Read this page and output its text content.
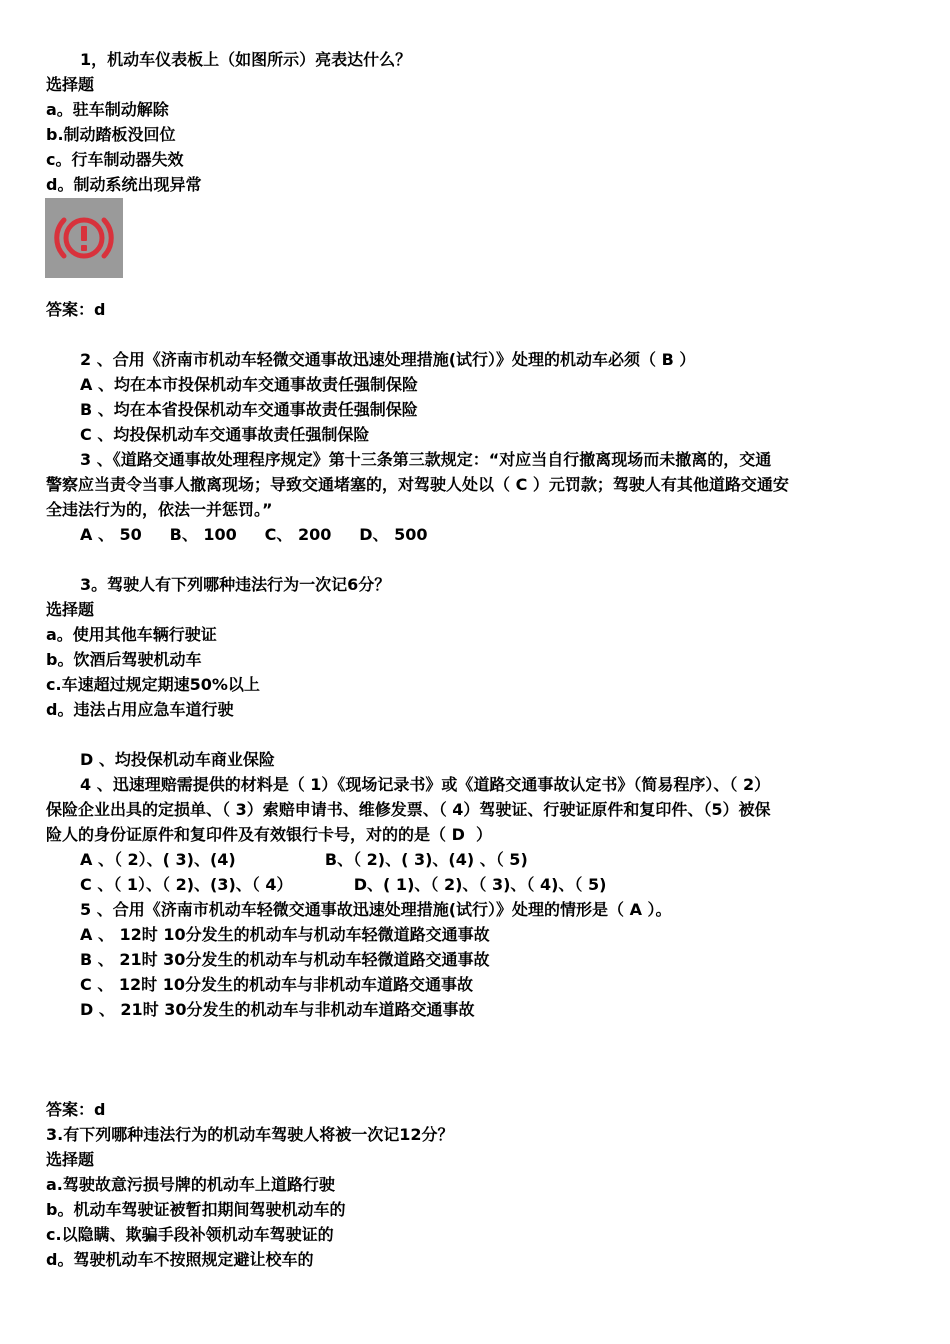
1，机动车仪表板上（如图所示）亮表达什么？
选择题
a。驻车制动解除
b.制动踏板没回位
c。行车制动器失效
d。制动系统出现异常
答案：d
2 、合用《济南市机动车轻微交通事故迅速处理措施(试行）》处理的机动车必须（ B ）
A 、均在本市投保机动车交通事故责任强制保险
B 、均在本省投保机动车交通事故责任强制保险
C 、均投保机动车交通事故责任强制保险
3 、《道路交通事故处理程序规定》第十三条第三款规定：“对应当自行撤离现场而未撤离的，交通
警察应当责令当事人撤离现场；导致交通堵塞的，对驾驶人处以（ C ）元罚款；驾驶人有其他道路交通安
全违法行为的，依法一并惩罚。”
A 、 50     B、 100     C、 200     D、 500
3。驾驶人有下列哪种违法行为一次记6分？
选择题
a。使用其他车辆行驶证
b。饮酒后驾驶机动车
c.车速超过规定期速50%以上
d。违法占用应急车道行驶
D 、均投保机动车商业保险
4 、迅速理赔需提供的材料是（ 1）《现场记录书》或《道路交通事故认定书》（简易程序）、（ 2）
保险企业出具的定损单、（ 3）索赔申请书、维修发票、（ 4）驾驶证、行驶证原件和复印件、（5）被保
险人的身份证原件和复印件及有效银行卡号，对的的是（ D  ）
A 、（ 2）、( 3)、(4)                B、（ 2)、( 3)、(4) 、（ 5)
C 、（ 1）、（ 2)、(3)、（ 4）           D、( 1)、（ 2)、（ 3)、（ 4)、（ 5)
5 、合用《济南市机动车轻微交通事故迅速处理措施(试行）》处理的情形是（ A ）。
A 、 12时 10分发生的机动车与机动车轻微道路交通事故
B 、 21时 30分发生的机动车与机动车轻微道路交通事故
C 、 12时 10分发生的机动车与非机动车道路交通事故
D 、 21时 30分发生的机动车与非机动车道路交通事故
答案：d
3.有下列哪种违法行为的机动车驾驶人将被一次记12分？
选择题
a.驾驶故意污损号牌的机动车上道路行驶
b。机动车驾驶证被暂扣期间驾驶机动车的
c.以隐瞒、欺骗手段补领机动车驾驶证的
d。驾驶机动车不按照规定避让校车的
